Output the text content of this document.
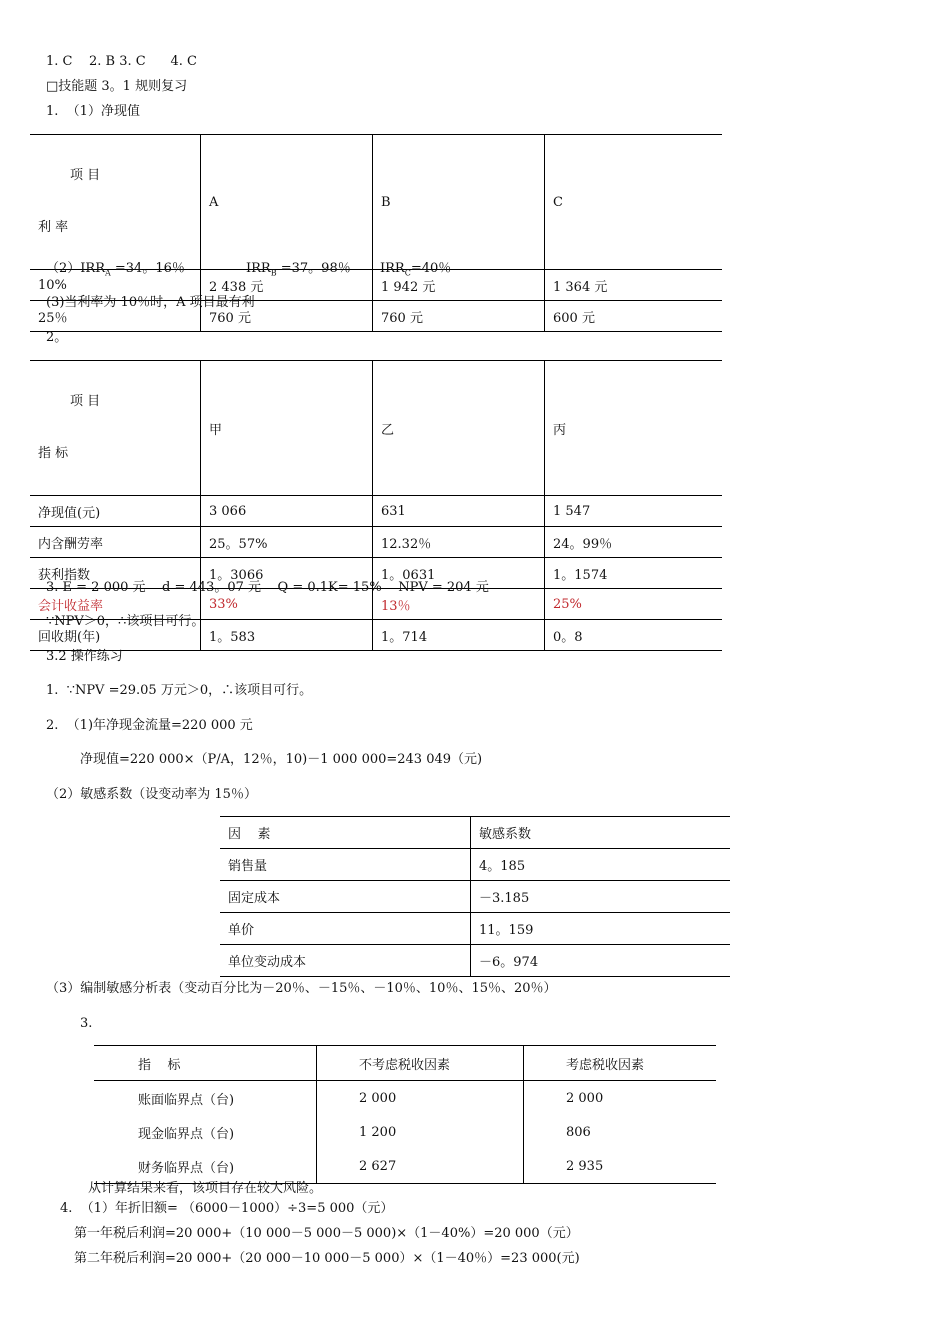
1. C    2. B 3. C      4. C
□技能题 3。1 规则复习
1.  （1）净现值

项 目

利 率	A	B	C
10%	2 438 元	1 942 元	1 364 元
25％	760 元	760 元	600 元
$(2)IRR_A =34$。16％	$IRR_B =37$。98％ $IRR_C=40$％
(3)当利率为 10％时，A 项目最有利
2。

项 目

指 标	甲	乙	丙
净现值(元)	3 066	631	1 547
内含酬劳率	25。57%	12.32％	24。99％
获利指数	1。3066	1。0631	1。1574
会计收益率	33%	13％	25%
回收期(年)	1。583	1。714	0。8
3. E = 2 000 元    d = 443。07 元    Q = 0.1K= 15%    NPV = 204 元
∵NPV＞0，∴该项目可行。
3.2 操作练习
1.  ∵NPV =29.05 万元＞0，∴该项目可行。
2.  （1)年净现金流量=220 000 元
净现值=220 000×（P/A，12％，10)－1 000 000=243 049（元)
（2）敏感系数（设变动率为 15％）
因    素	敏感系数
销售量	4。185
固定成本	－3.185
单价	11。159
单位变动成本	－6。974
（3）编制敏感分析表（变动百分比为－20％、－15％、－10％、10％、15％、20％）
3.
指    标	不考虑税收因素	考虑税收因素
账面临界点（台)	2 000	2 000
现金临界点（台)	1 200	806
财务临界点（台)	2 627	2 935
从计算结果来看，该项目存在较大风险。
4.  （1）年折旧额= （6000－1000）÷3=5 000（元）
第一年税后利润=20 000+（10 000－5 000－5 000)×（1－40%）=20 000（元）
第二年税后利润=20 000+（20 000－10 000－5 000）×（1－40％）=23 000(元)
